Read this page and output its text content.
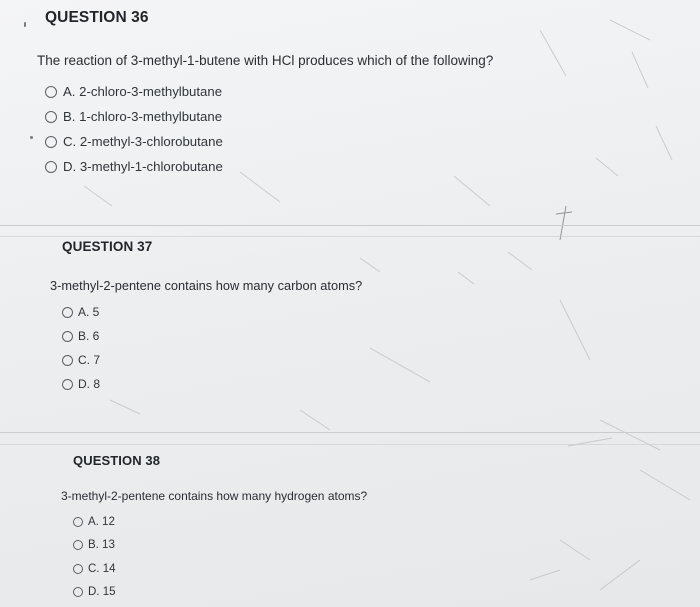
QUESTION 36
The reaction of 3-methyl-1-butene with HCl produces which of the following?
A. 2-chloro-3-methylbutane
B. 1-chloro-3-methylbutane
C. 2-methyl-3-chlorobutane
D. 3-methyl-1-chlorobutane
QUESTION 37
3-methyl-2-pentene contains how many carbon atoms?
A. 5
B. 6
C. 7
D. 8
QUESTION 38
3-methyl-2-pentene contains how many hydrogen atoms?
A. 12
B. 13
C. 14
D. 15
